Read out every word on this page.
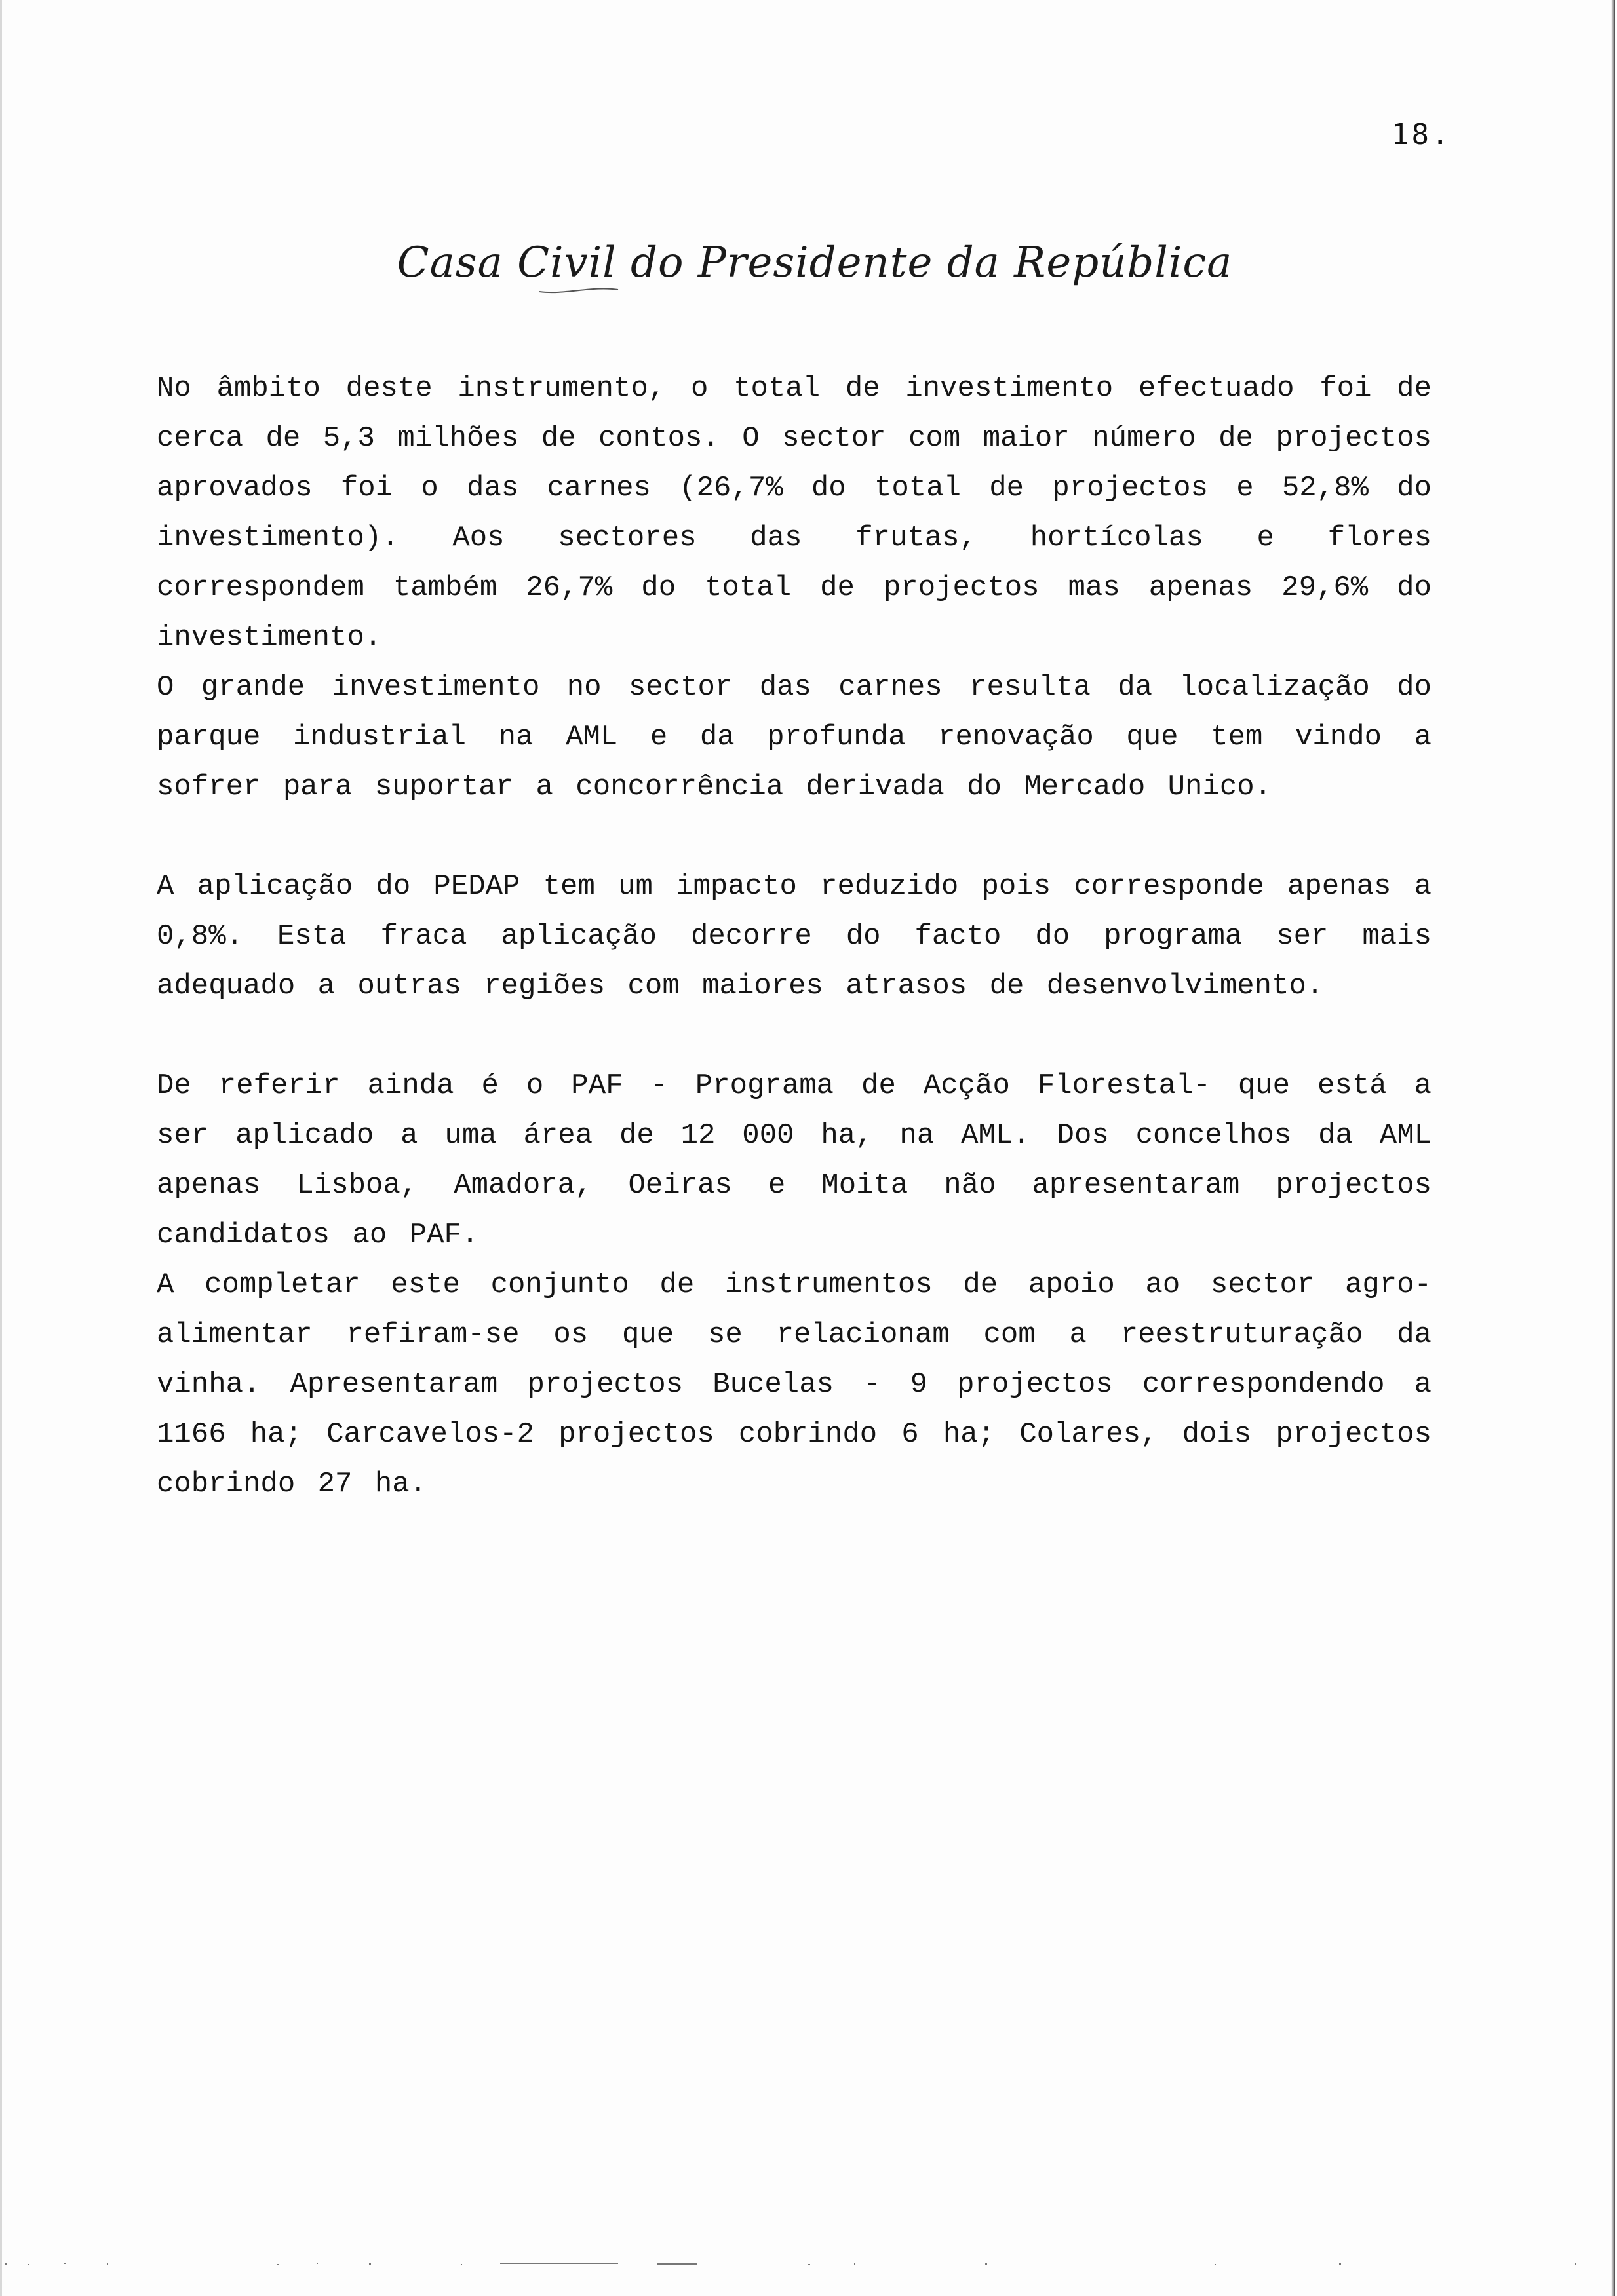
18.
Casa Civil do Presidente da República

No âmbito deste instrumento, o total de investimento efectuado foi de cerca de 5,3 milhões de contos. O sector com maior número de projectos aprovados foi o das carnes (26,7% do total de projectos e 52,8% do investimento). Aos sectores das frutas, hortícolas e flores correspondem também 26,7% do total de projectos mas apenas 29,6% do investimento.

O grande investimento no sector das carnes resulta da localização do parque industrial na AML e da profunda renovação que tem vindo a sofrer para suportar a concorrência derivada do Mercado Unico.

A aplicação do PEDAP tem um impacto reduzido pois corresponde apenas a 0,8%. Esta fraca aplicação decorre do facto do programa ser mais adequado a outras regiões com maiores atrasos de desenvolvimento.

De referir ainda é o PAF - Programa de Acção Florestal- que está a ser aplicado a uma área de 12 000 ha, na AML. Dos concelhos da AML apenas Lisboa, Amadora, Oeiras e Moita não apresentaram projectos candidatos ao PAF.

A completar este conjunto de instrumentos de apoio ao sector agro-alimentar refiram-se os que se relacionam com a reestruturação da vinha. Apresentaram projectos Bucelas - 9 projectos correspondendo a 1166 ha; Carcavelos-2 projectos cobrindo 6 ha; Colares, dois projectos cobrindo 27 ha.
